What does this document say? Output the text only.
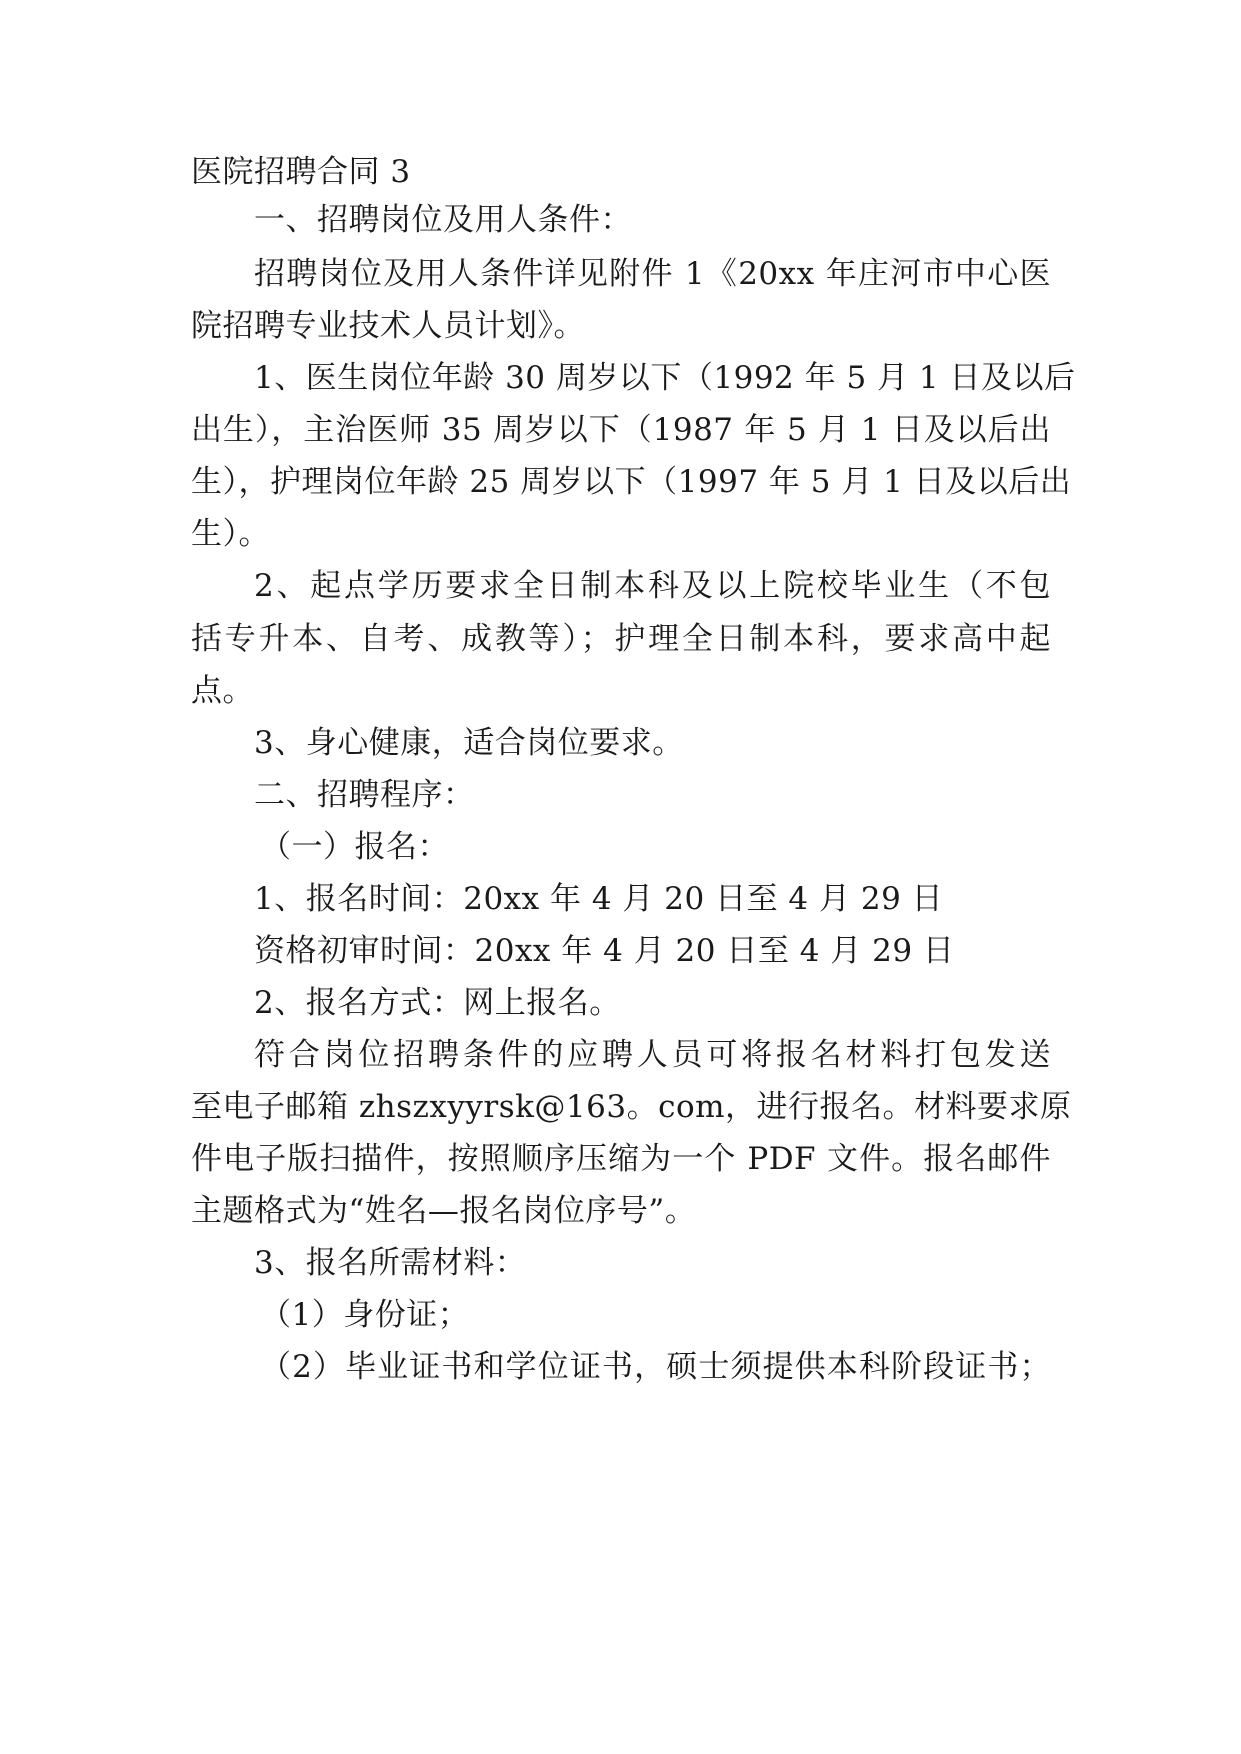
医院招聘合同 3
一、招聘岗位及用人条件：
招聘岗位及用人条件详见附件 1《20xx 年庄河市中心医
院招聘专业技术人员计划》。
1、医生岗位年龄 30 周岁以下（1992 年 5 月 1 日及以后
出生），主治医师 35 周岁以下（1987 年 5 月 1 日及以后出
生），护理岗位年龄 25 周岁以下（1997 年 5 月 1 日及以后出
生）。
2、起点学历要求全日制本科及以上院校毕业生（不包
括专升本、自考、成教等）；护理全日制本科，要求高中起
点。
3、身心健康，适合岗位要求。
二、招聘程序：
（一）报名：
1、报名时间：20xx 年 4 月 20 日至 4 月 29 日
资格初审时间：20xx 年 4 月 20 日至 4 月 29 日
2、报名方式：网上报名。
符合岗位招聘条件的应聘人员可将报名材料打包发送
至电子邮箱 zhszxyyrsk@163。com，进行报名。材料要求原
件电子版扫描件，按照顺序压缩为一个 PDF 文件。报名邮件
主题格式为“姓名—报名岗位序号”。
3、报名所需材料：
（1）身份证；
（2）毕业证书和学位证书，硕士须提供本科阶段证书；
